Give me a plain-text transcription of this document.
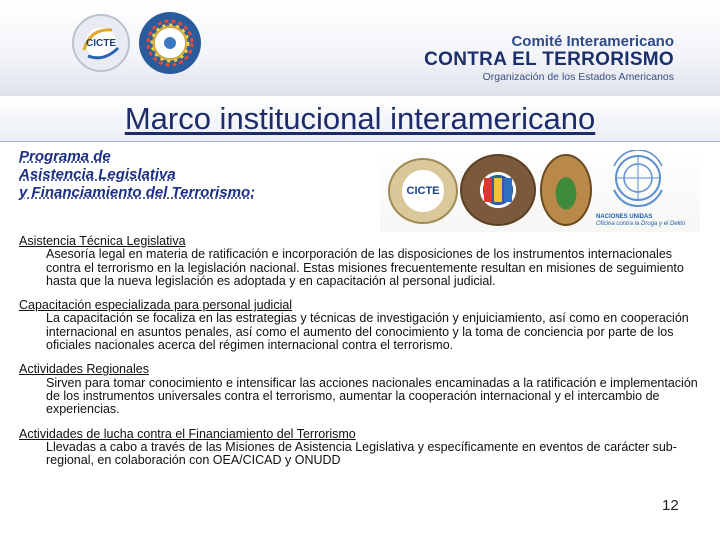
CICTE	Comité Interamericano
CONTRA EL TERRORISMO
Organización de los Estados Americanos
Marco institucional interamericano
Programa de
Asistencia Legislativa
y Financiamiento del Terrorismo:	CICTE
NACIONES UNIDAS
Oficina contra la Droga y el Delito
Asistencia Técnica Legislativa
Asesoría legal en materia de ratificación e incorporación de las disposiciones de los instrumentos internacionales contra el terrorismo en la legislación nacional. Estas misiones frecuentemente resultan en misiones de seguimiento hasta que la nueva legislación es adoptada y en capacitación al personal judicial.
Capacitación especializada para personal judicial
La capacitación se focaliza en las estrategias y técnicas de investigación y enjuiciamiento, así como en cooperación internacional en asuntos penales, así como el aumento del conocimiento y la toma de conciencia por parte de los oficiales nacionales acerca del régimen internacional contra el terrorismo.
Actividades Regionales
Sirven para tomar conocimiento e intensificar las acciones nacionales encaminadas a la ratificación e implementación de los instrumentos universales contra el terrorismo, aumentar la cooperación internacional y el intercambio de experiencias.
Actividades de lucha contra el Financiamiento del Terrorismo
Llevadas a cabo a través de las Misiones de Asistencia Legislativa y específicamente en eventos de carácter sub-regional, en colaboración con OEA/CICAD y ONUDD
12
